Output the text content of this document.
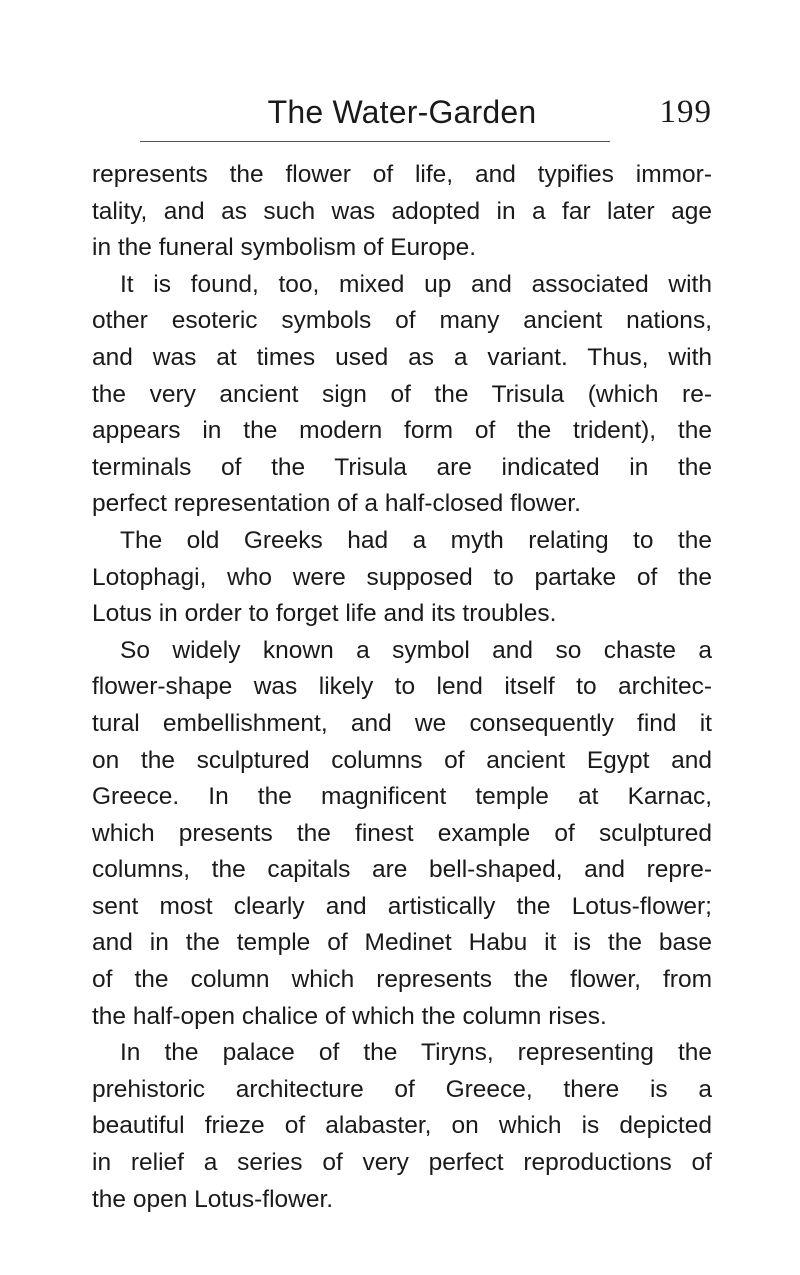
The Water-Garden	199
represents the flower of life, and typifies immor-
tality, and as such was adopted in a far later age
in the funeral symbolism of Europe.
It is found, too, mixed up and associated with
other esoteric symbols of many ancient nations,
and was at times used as a variant. Thus, with
the very ancient sign of the Trisula (which re-
appears in the modern form of the trident), the
terminals of the Trisula are indicated in the
perfect representation of a half-closed flower.
The old Greeks had a myth relating to the
Lotophagi, who were supposed to partake of the
Lotus in order to forget life and its troubles.
So widely known a symbol and so chaste a
flower-shape was likely to lend itself to architec-
tural embellishment, and we consequently find it
on the sculptured columns of ancient Egypt and
Greece. In the magnificent temple at Karnac,
which presents the finest example of sculptured
columns, the capitals are bell-shaped, and repre-
sent most clearly and artistically the Lotus-flower;
and in the temple of Medinet Habu it is the base
of the column which represents the flower, from
the half-open chalice of which the column rises.
In the palace of the Tiryns, representing the
prehistoric architecture of Greece, there is a
beautiful frieze of alabaster, on which is depicted
in relief a series of very perfect reproductions of
the open Lotus-flower.
